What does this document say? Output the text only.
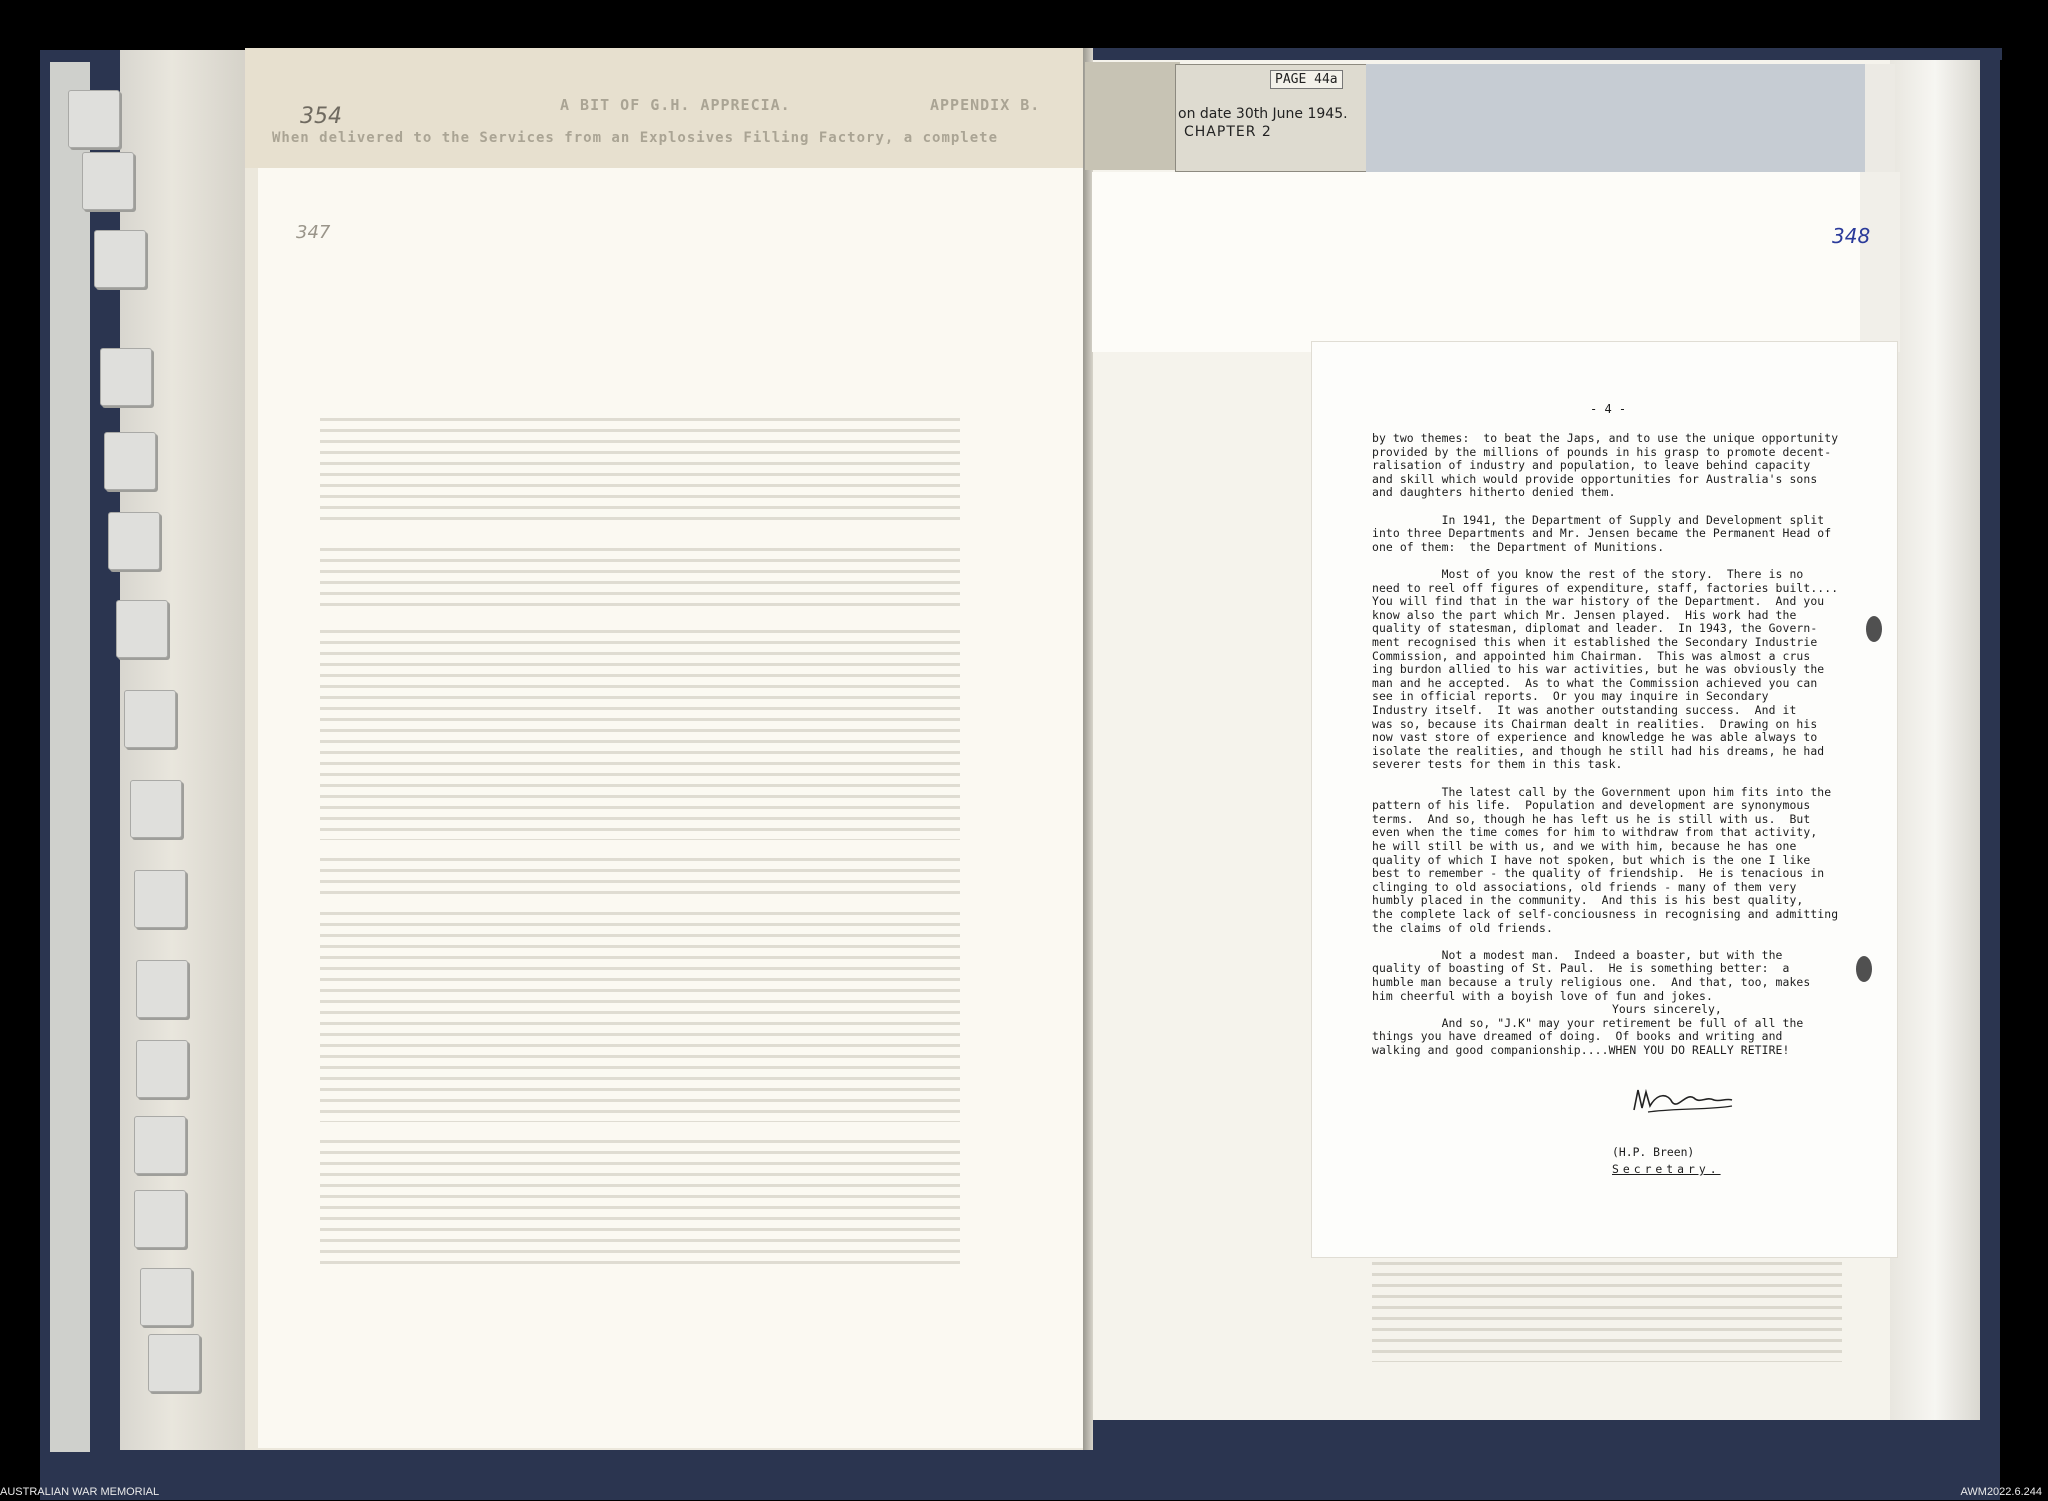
A BIT OF G.H. APPRECIA.	APPENDIX B.
When delivered to the Services from an Explosives Filling Factory, a complete
354
347
PAGE 44a
on date 30th June 1945.
CHAPTER 2
348
- 4 -
by two themes:  to beat the Japs, and to use the unique opportunity
provided by the millions of pounds in his grasp to promote decent-
ralisation of industry and population, to leave behind capacity
and skill which would provide opportunities for Australia's sons
and daughters hitherto denied them.
In 1941, the Department of Supply and Development split
into three Departments and Mr. Jensen became the Permanent Head of
one of them:  the Department of Munitions.
Most of you know the rest of the story.  There is no
need to reel off figures of expenditure, staff, factories built....
You will find that in the war history of the Department.  And you
know also the part which Mr. Jensen played.  His work had the
quality of statesman, diplomat and leader.  In 1943, the Govern-
ment recognised this when it established the Secondary Industrie
Commission, and appointed him Chairman.  This was almost a crus
ing burdon allied to his war activities, but he was obviously the
man and he accepted.  As to what the Commission achieved you can
see in official reports.  Or you may inquire in Secondary
Industry itself.  It was another outstanding success.  And it
was so, because its Chairman dealt in realities.  Drawing on his
now vast store of experience and knowledge he was able always to
isolate the realities, and though he still had his dreams, he had
severer tests for them in this task.
The latest call by the Government upon him fits into the
pattern of his life.  Population and development are synonymous
terms.  And so, though he has left us he is still with us.  But
even when the time comes for him to withdraw from that activity,
he will still be with us, and we with him, because he has one
quality of which I have not spoken, but which is the one I like
best to remember - the quality of friendship.  He is tenacious in
clinging to old associations, old friends - many of them very
humbly placed in the community.  And this is his best quality,
the complete lack of self-conciousness in recognising and admitting
the claims of old friends.
Not a modest man.  Indeed a boaster, but with the
quality of boasting of St. Paul.  He is something better:  a
humble man because a truly religious one.  And that, too, makes
him cheerful with a boyish love of fun and jokes.
And so, "J.K" may your retirement be full of all the
things you have dreamed of doing.  Of books and writing and
walking and good companionship....WHEN YOU DO REALLY RETIRE!
Yours sincerely,
(H.P. Breen)
Secretary.
AUSTRALIAN WAR MEMORIAL	AWM2022.6.244
